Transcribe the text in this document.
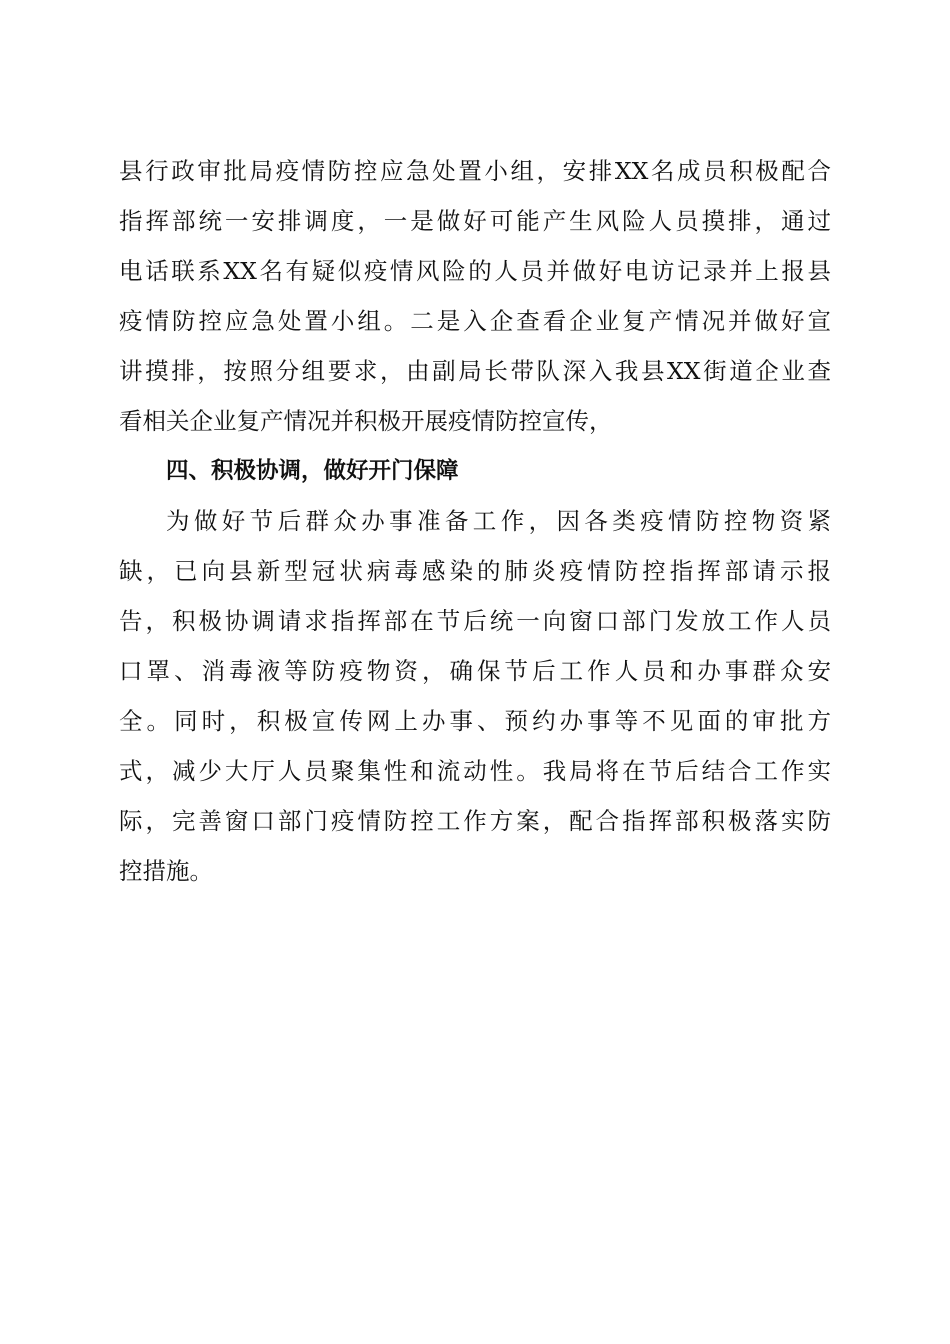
县行政审批局疫情防控应急处置小组，安排XX名成员积极配合
指挥部统一安排调度，一是做好可能产生风险人员摸排，通过
电话联系XX名有疑似疫情风险的人员并做好电访记录并上报县
疫情防控应急处置小组。二是入企查看企业复产情况并做好宣
讲摸排，按照分组要求，由副局长带队深入我县XX街道企业查
看相关企业复产情况并积极开展疫情防控宣传，
四、积极协调，做好开门保障
为做好节后群众办事准备工作，因各类疫情防控物资紧
缺，已向县新型冠状病毒感染的肺炎疫情防控指挥部请示报
告，积极协调请求指挥部在节后统一向窗口部门发放工作人员
口罩、消毒液等防疫物资，确保节后工作人员和办事群众安
全。同时，积极宣传网上办事、预约办事等不见面的审批方
式，减少大厅人员聚集性和流动性。我局将在节后结合工作实
际，完善窗口部门疫情防控工作方案，配合指挥部积极落实防
控措施。
